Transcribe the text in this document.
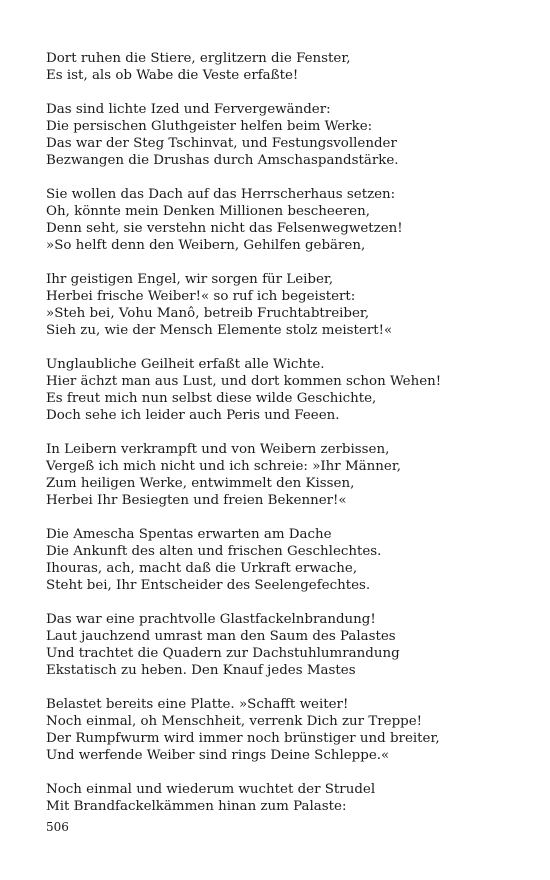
Dort ruhen die Stiere, erglitzern die Fenster,
Es ist, als ob Wabe die Veste erfaßte!
Das sind lichte Ized und Fervergewänder:
Die persischen Gluthgeister helfen beim Werke:
Das war der Steg Tschinvat, und Festungsvollender
Bezwangen die Drushas durch Amschaspandstärke.
Sie wollen das Dach auf das Herrscherhaus setzen:
Oh, könnte mein Denken Millionen bescheeren,
Denn seht, sie verstehn nicht das Felsenwegwetzen!
»So helft denn den Weibern, Gehilfen gebären,
Ihr geistigen Engel, wir sorgen für Leiber,
Herbei frische Weiber!« so ruf ich begeistert:
»Steh bei, Vohu Manô, betreib Fruchtabtreiber,
Sieh zu, wie der Mensch Elemente stolz meistert!«
Unglaubliche Geilheit erfaßt alle Wichte.
Hier ächzt man aus Lust, und dort kommen schon Wehen!
Es freut mich nun selbst diese wilde Geschichte,
Doch sehe ich leider auch Peris und Feeen.
In Leibern verkrampft und von Weibern zerbissen,
Vergeß ich mich nicht und ich schreie: »Ihr Männer,
Zum heiligen Werke, entwimmelt den Kissen,
Herbei Ihr Besiegten und freien Bekenner!«
Die Amescha Spentas erwarten am Dache
Die Ankunft des alten und frischen Geschlechtes.
Ihouras, ach, macht daß die Urkraft erwache,
Steht bei, Ihr Entscheider des Seelengefechtes.
Das war eine prachtvolle Glastfackelnbrandung!
Laut jauchzend umrast man den Saum des Palastes
Und trachtet die Quadern zur Dachstuhlumrandung
Ekstatisch zu heben. Den Knauf jedes Mastes
Belastet bereits eine Platte. »Schafft weiter!
Noch einmal, oh Menschheit, verrenk Dich zur Treppe!
Der Rumpfwurm wird immer noch brünstiger und breiter,
Und werfende Weiber sind rings Deine Schleppe.«
Noch einmal und wiederum wuchtet der Strudel
Mit Brandfackelkämmen hinan zum Palaste:
506
